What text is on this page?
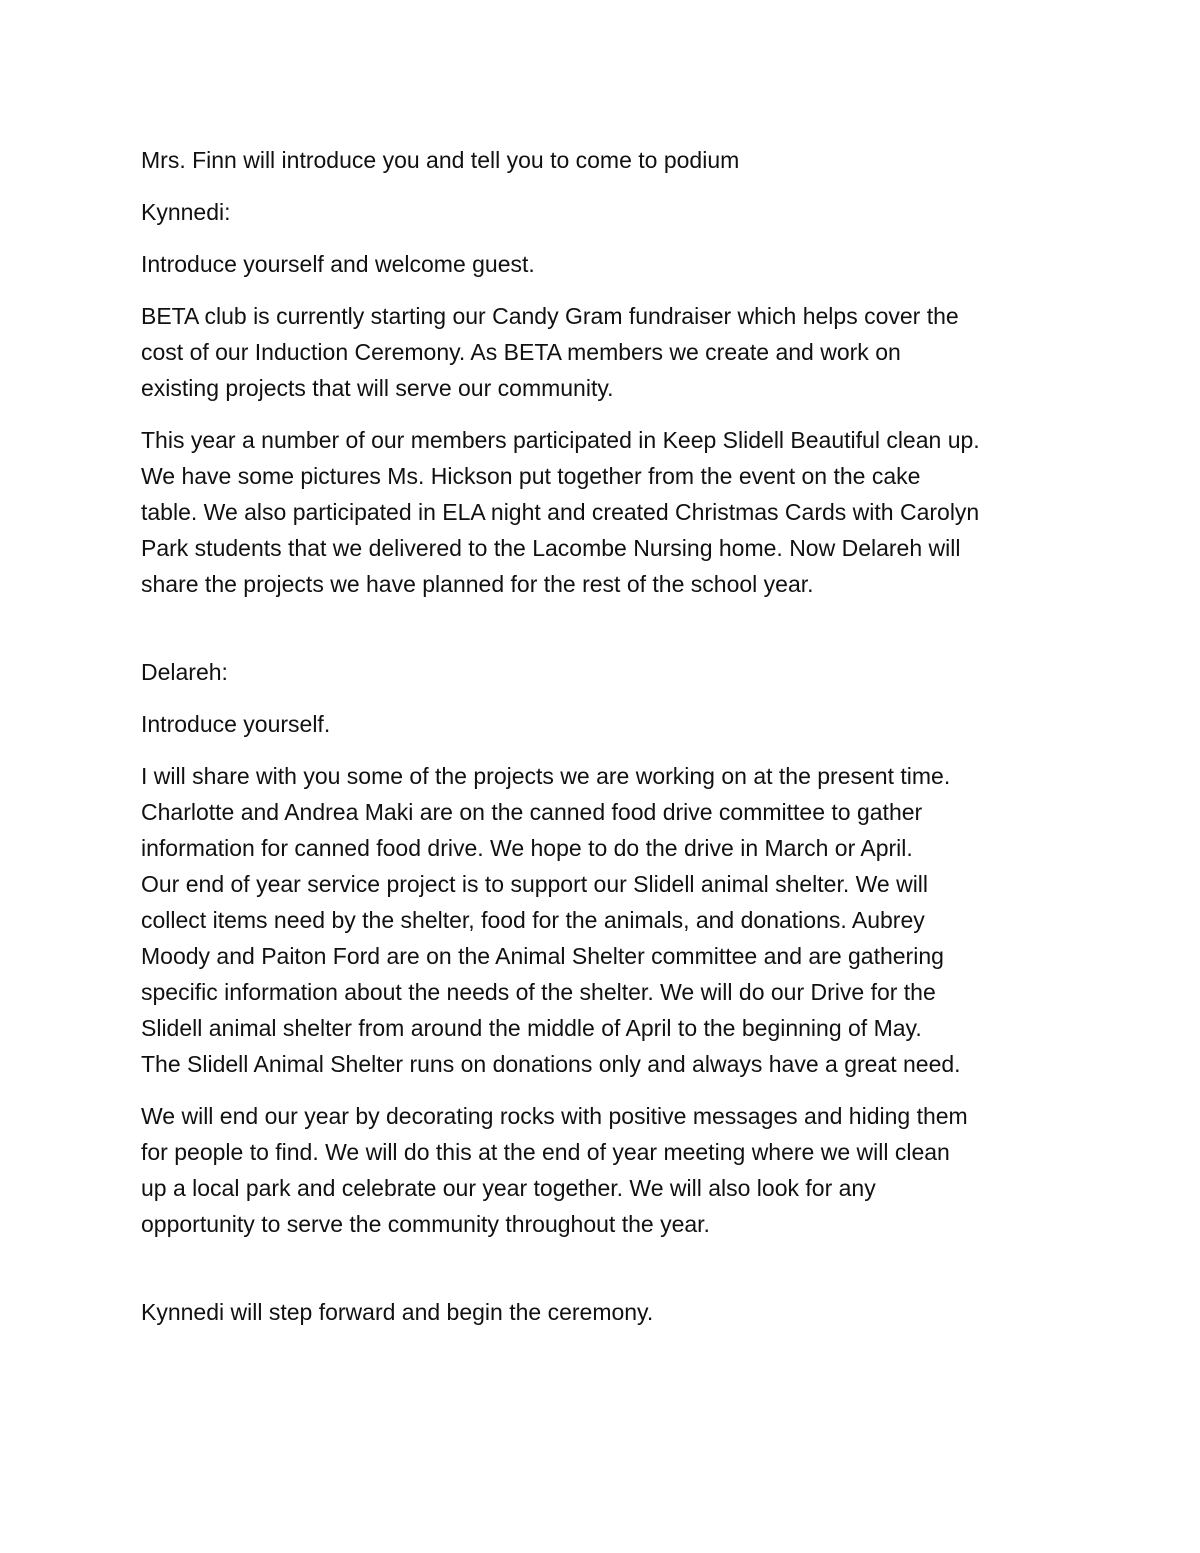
Mrs. Finn will introduce you and tell you to come to podium

Kynnedi:

Introduce yourself and welcome guest.

BETA club is currently starting our Candy Gram fundraiser which helps cover the
cost of our Induction Ceremony. As BETA members we create and work on
existing projects that will serve our community.

This year a number of our members participated in Keep Slidell Beautiful clean up.
We have some pictures Ms. Hickson put together from the event on the cake
table. We also participated in ELA night and created Christmas Cards with Carolyn
Park students that we delivered to the Lacombe Nursing home. Now Delareh will
share the projects we have planned for the rest of the school year.

Delareh:

Introduce yourself.

I will share with you some of the projects we are working on at the present time.
Charlotte and Andrea Maki are on the canned food drive committee to gather
information for canned food drive. We hope to do the drive in March or April.
Our end of year service project is to support our Slidell animal shelter. We will
collect items need by the shelter, food for the animals, and donations. Aubrey
Moody and Paiton Ford are on the Animal Shelter committee and are gathering
specific information about the needs of the shelter. We will do our Drive for the
Slidell animal shelter from around the middle of April to the beginning of May.
The Slidell Animal Shelter runs on donations only and always have a great need.

We will end our year by decorating rocks with positive messages and hiding them
for people to find. We will do this at the end of year meeting where we will clean
up a local park and celebrate our year together. We will also look for any
opportunity to serve the community throughout the year.

Kynnedi will step forward and begin the ceremony.
